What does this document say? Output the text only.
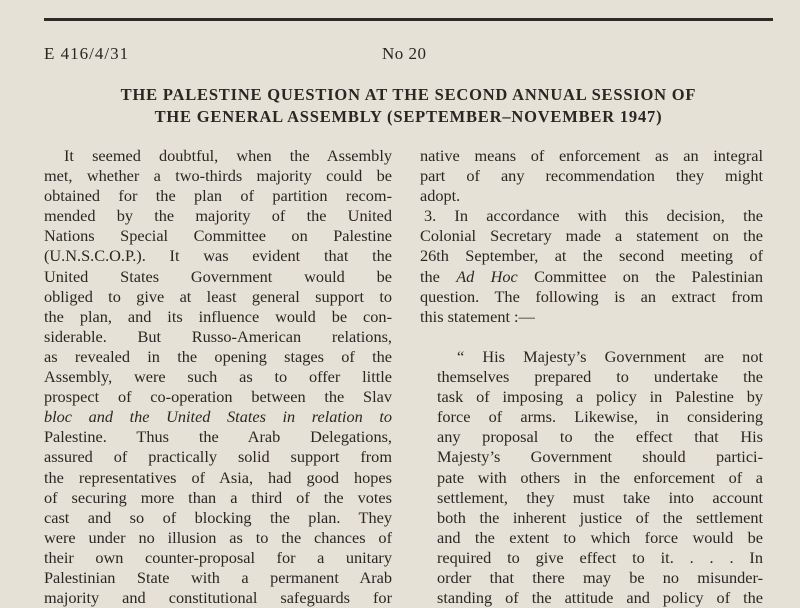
E 416/4/31	No 20
THE PALESTINE QUESTION AT THE SECOND ANNUAL SESSION OF
THE GENERAL ASSEMBLY (SEPTEMBER–NOVEMBER 1947)
It seemed doubtful, when the Assembly
met, whether a two-thirds majority could be
obtained for the plan of partition recom-
mended by the majority of the United
Nations Special Committee on Palestine
(U.N.S.C.O.P.). It was evident that the
United States Government would be
obliged to give at least general support to
the plan, and its influence would be con-
siderable. But Russo-American relations,
as revealed in the opening stages of the
Assembly, were such as to offer little
prospect of co-operation between the Slav
bloc and the United States in relation to
Palestine. Thus the Arab Delegations,
assured of practically solid support from
the representatives of Asia, had good hopes
of securing more than a third of the votes
cast and so of blocking the plan. They
were under no illusion as to the chances of
their own counter-proposal for a unitary
Palestinian State with a permanent Arab
majority and constitutional safeguards for
native means of enforcement as an integral
part of any recommendation they might
adopt.
3. In accordance with this decision, the
Colonial Secretary made a statement on the
26th September, at the second meeting of
the Ad Hoc Committee on the Palestinian
question. The following is an extract from
this statement :—
“ His Majesty’s Government are not
themselves prepared to undertake the
task of imposing a policy in Palestine by
force of arms. Likewise, in considering
any proposal to the effect that His
Majesty’s Government should partici-
pate with others in the enforcement of a
settlement, they must take into account
both the inherent justice of the settlement
and the extent to which force would be
required to give effect to it. . . . In
order that there may be no misunder-
standing of the attitude and policy of the
